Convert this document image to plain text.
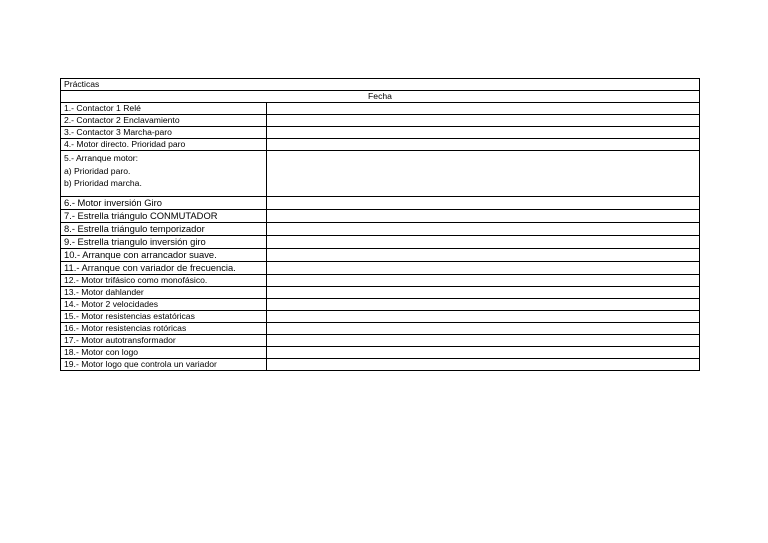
Prácticas	
Fecha	
1.- Contactor 1 Relé	
2.- Contactor 2 Enclavamiento	
3.- Contactor 3 Marcha-paro	
4.- Motor directo. Prioridad paro	

5.- Arranque motor:
a) Prioridad paro.
b) Prioridad marcha.	

6.- Motor inversión Giro	
7.- Estrella triángulo CONMUTADOR	
8.- Estrella triángulo temporizador	
9.- Estrella triangulo inversión giro	
10.- Arranque con arrancador suave.	
11.- Arranque con variador de frecuencia.	
12.- Motor trifásico como monofásico.	
13.- Motor dahlander	
14.- Motor 2 velocidades	
15.- Motor resistencias estatóricas	
16.- Motor resistencias rotóricas	
17.- Motor autotransformador	
18.- Motor con logo	
19.- Motor logo que controla un variador	
